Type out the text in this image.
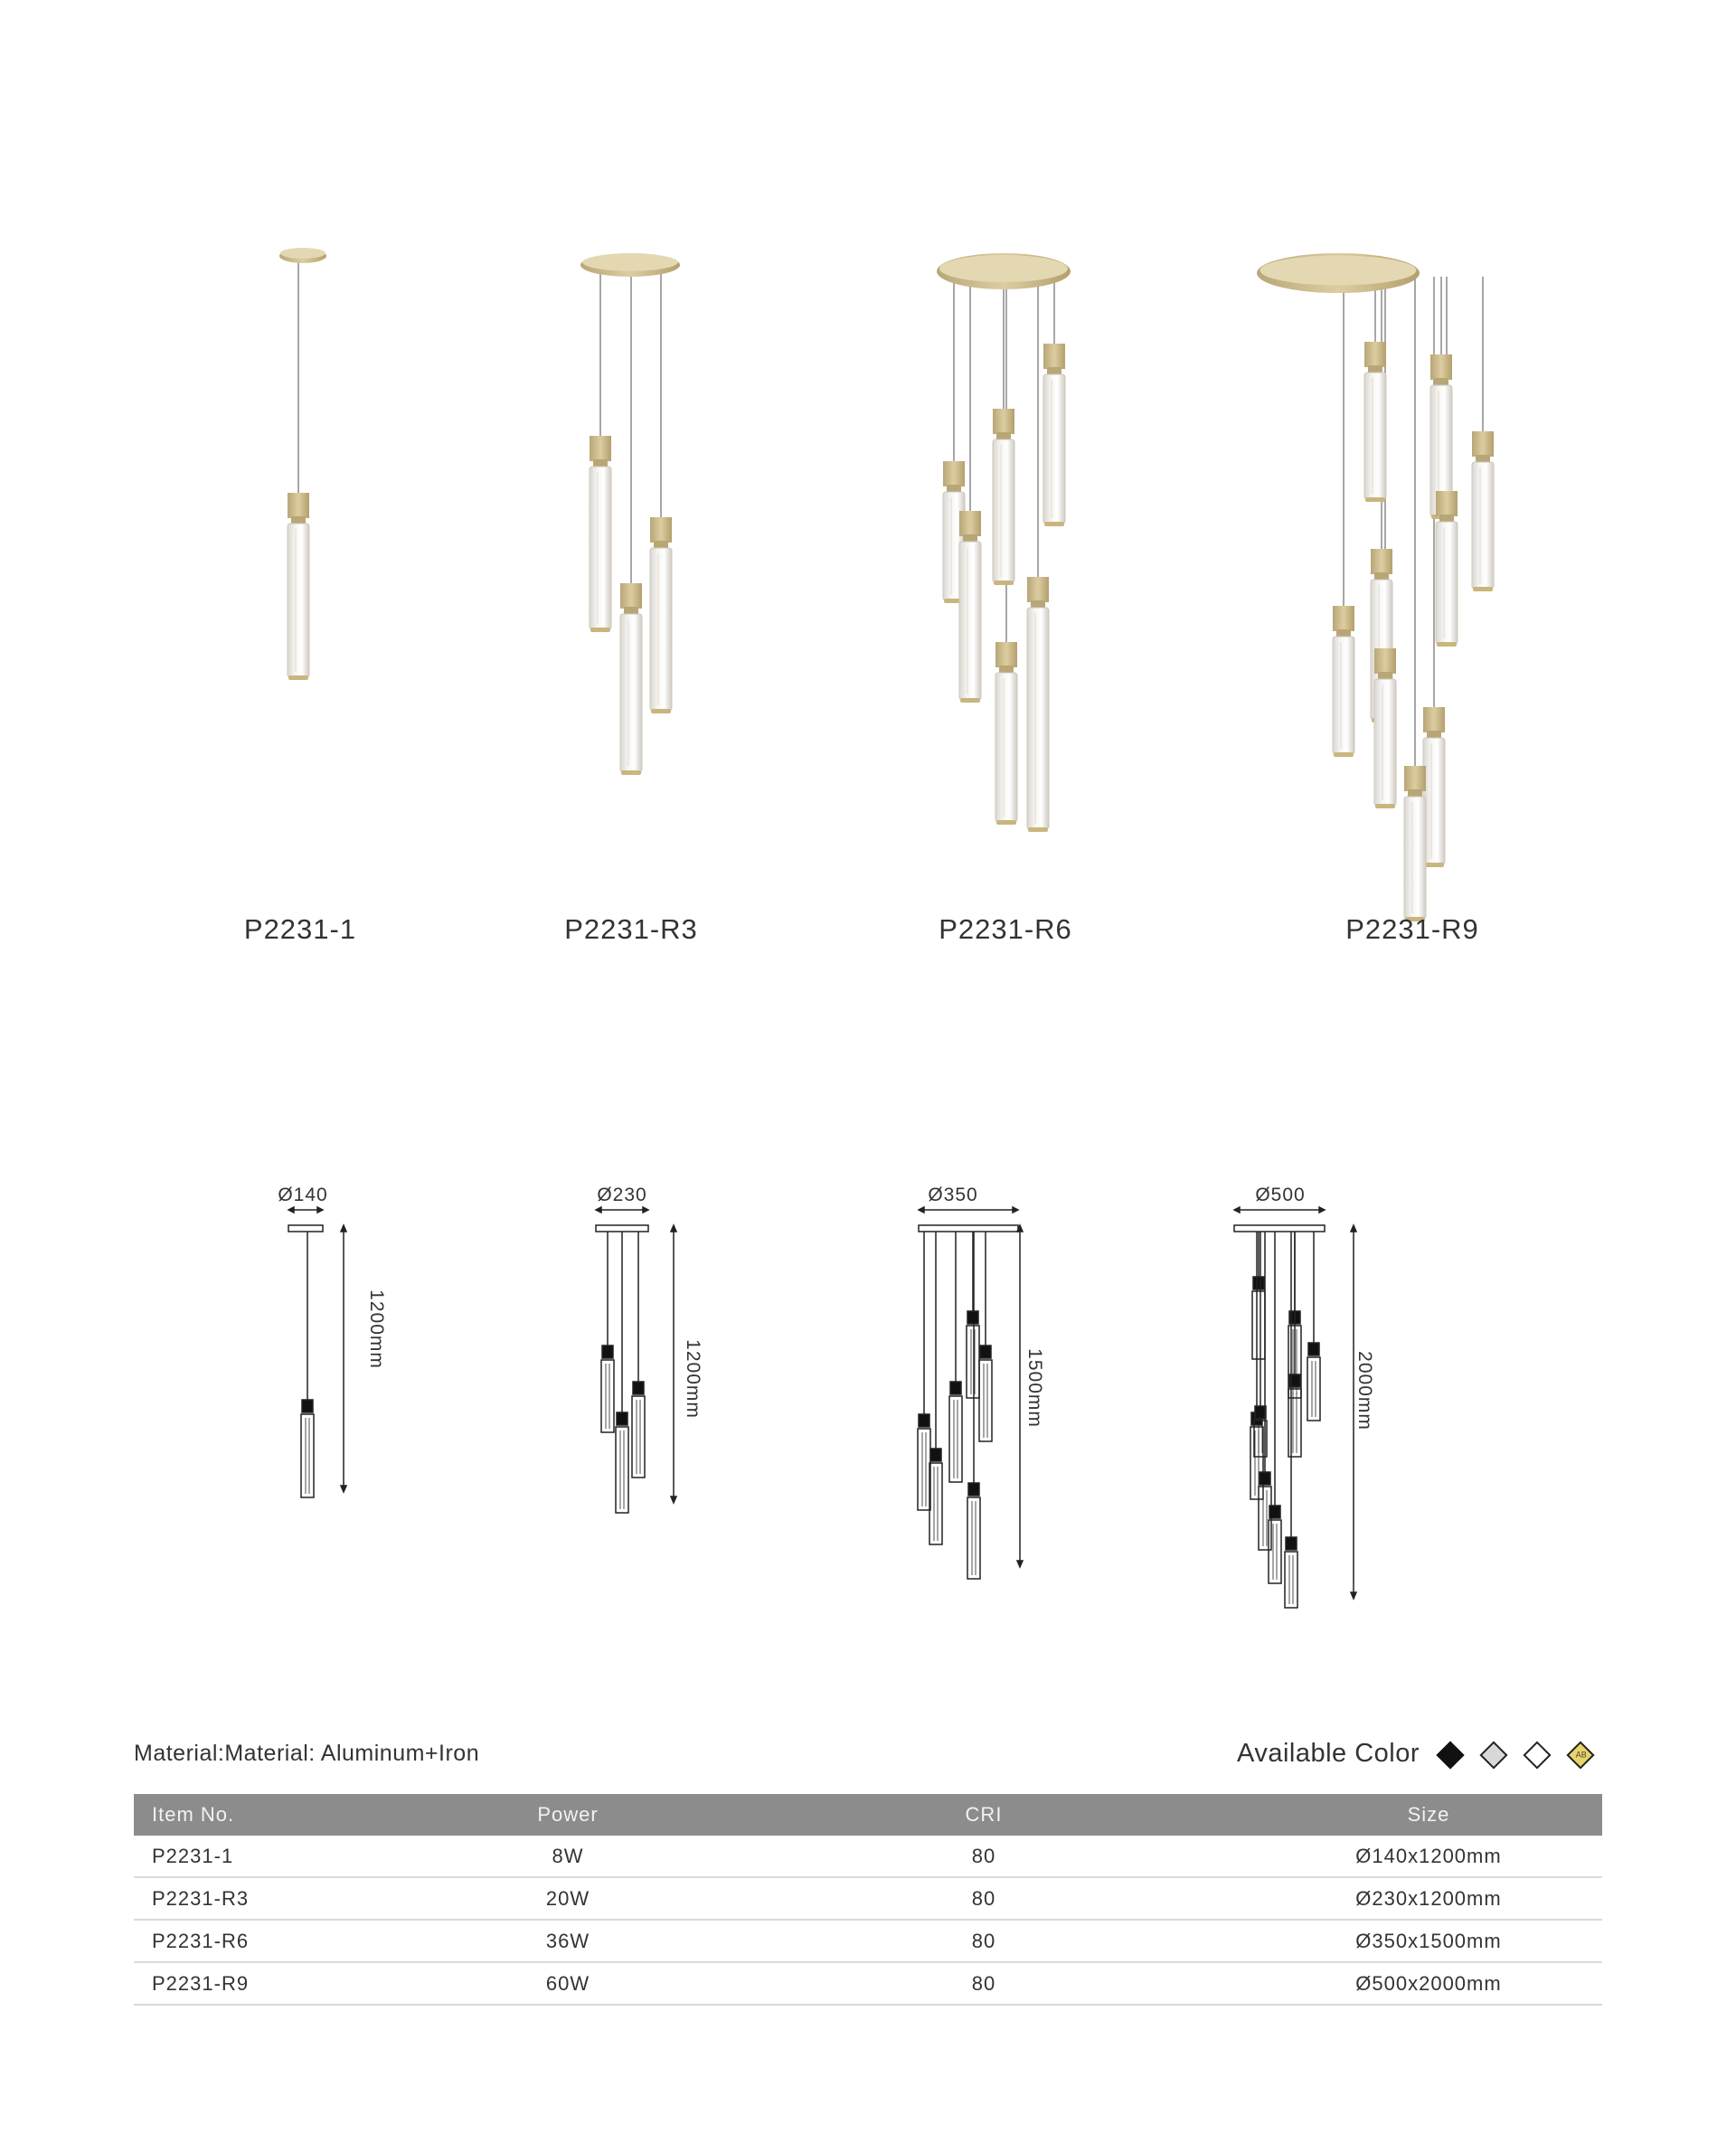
P2231-1	P2231-R3	P2231-R6	P2231-R9
Ø140	Ø230	Ø350	Ø500
1200mm
1200mm	1500mm	2000mm
Material:Material: Aluminum+Iron	Available Color	AB
Item No.	Power	CRI	Size
P2231-1	8W	80	Ø140x1200mm
P2231-R3	20W	80	Ø230x1200mm
P2231-R6	36W	80	Ø350x1500mm
P2231-R9	60W	80	Ø500x2000mm
